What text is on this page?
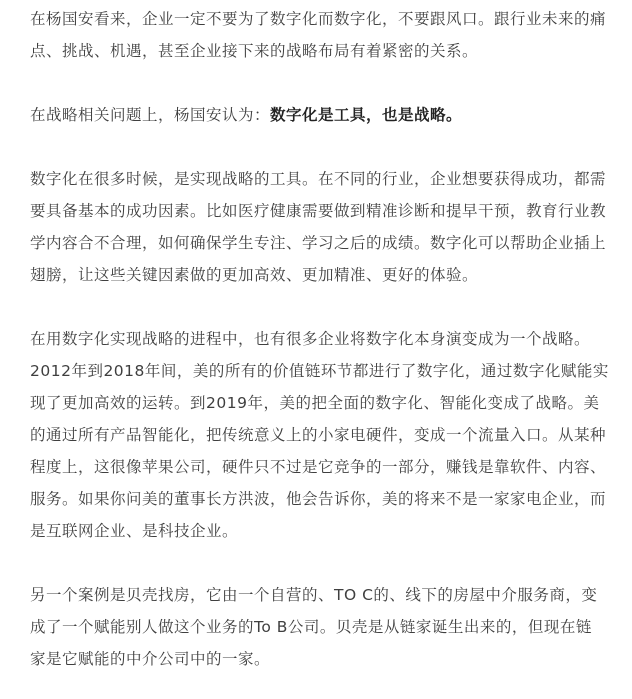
在杨国安看来，企业一定不要为了数字化而数字化，不要跟风口。跟行业未来的痛
点、挑战、机遇，甚至企业接下来的战略布局有着紧密的关系。

在战略相关问题上，杨国安认为：数字化是工具，也是战略。

数字化在很多时候，是实现战略的工具。在不同的行业，企业想要获得成功，都需
要具备基本的成功因素。比如医疗健康需要做到精准诊断和提早干预，教育行业教
学内容合不合理，如何确保学生专注、学习之后的成绩。数字化可以帮助企业插上
翅膀，让这些关键因素做的更加高效、更加精准、更好的体验。

在用数字化实现战略的进程中，也有很多企业将数字化本身演变成为一个战略。
2012年到2018年间，美的所有的价值链环节都进行了数字化，通过数字化赋能实
现了更加高效的运转。到2019年，美的把全面的数字化、智能化变成了战略。美
的通过所有产品智能化，把传统意义上的小家电硬件，变成一个流量入口。从某种
程度上，这很像苹果公司，硬件只不过是它竞争的一部分，赚钱是靠软件、内容、
服务。如果你问美的董事长方洪波，他会告诉你，美的将来不是一家家电企业，而
是互联网企业、是科技企业。

另一个案例是贝壳找房，它由一个自营的、TO C的、线下的房屋中介服务商，变
成了一个赋能别人做这个业务的To B公司。贝壳是从链家诞生出来的，但现在链
家是它赋能的中介公司中的一家。
